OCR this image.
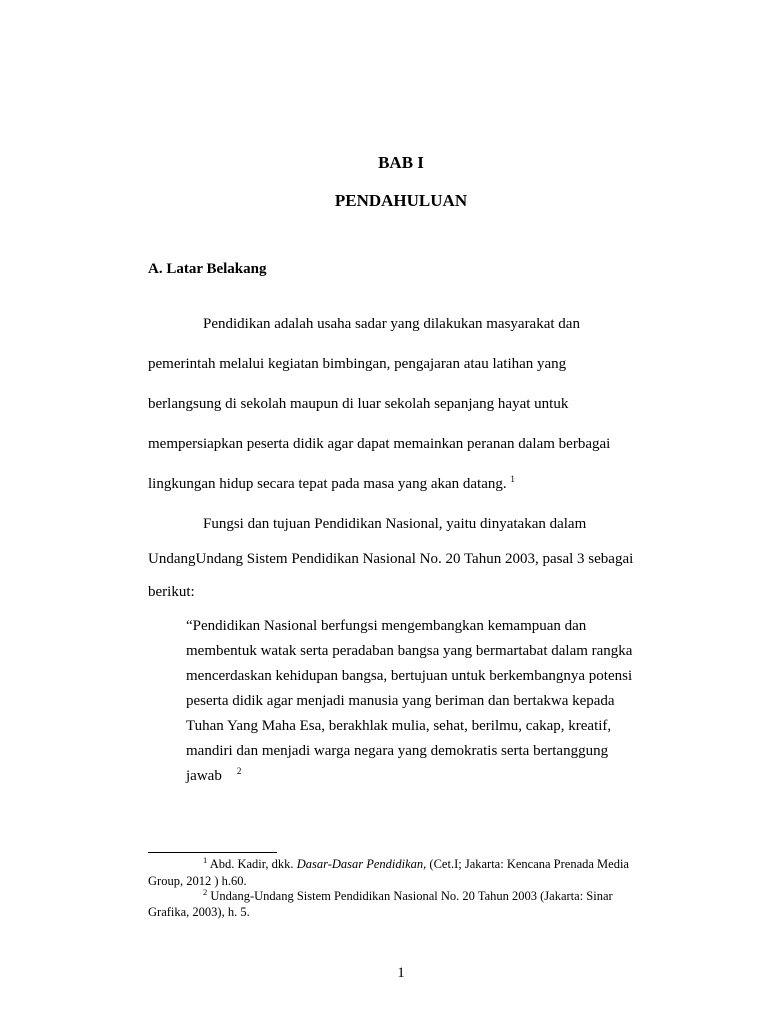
BAB I

PENDAHULUAN

A. Latar Belakang

Pendidikan adalah usaha sadar yang dilakukan masyarakat dan

pemerintah melalui kegiatan bimbingan, pengajaran atau latihan yang

berlangsung di sekolah maupun di luar sekolah sepanjang hayat untuk

mempersiapkan peserta didik agar dapat memainkan peranan dalam berbagai

lingkungan hidup secara tepat pada masa yang akan datang. $^1$

Fungsi dan tujuan Pendidikan Nasional, yaitu dinyatakan dalam

UndangUndang Sistem Pendidikan Nasional No. 20 Tahun 2003, pasal 3 sebagai

berikut:

“Pendidikan Nasional berfungsi mengembangkan kemampuan dan

membentuk watak serta peradaban bangsa yang bermartabat dalam rangka

mencerdaskan kehidupan bangsa, bertujuan untuk berkembangnya potensi

peserta didik agar menjadi manusia yang beriman dan bertakwa kepada

Tuhan Yang Maha Esa, berakhlak mulia, sehat, berilmu, cakap, kreatif,

mandiri dan menjadi warga negara yang demokratis serta bertanggung

jawab $^2$

$^1$ Abd. Kadir, dkk. Dasar-Dasar Pendidikan, (Cet.I; Jakarta: Kencana Prenada Media

Group, 2012 ) h.60.

$^2$ Undang-Undang Sistem Pendidikan Nasional No. 20 Tahun 2003 (Jakarta: Sinar

Grafika, 2003), h. 5.

1
